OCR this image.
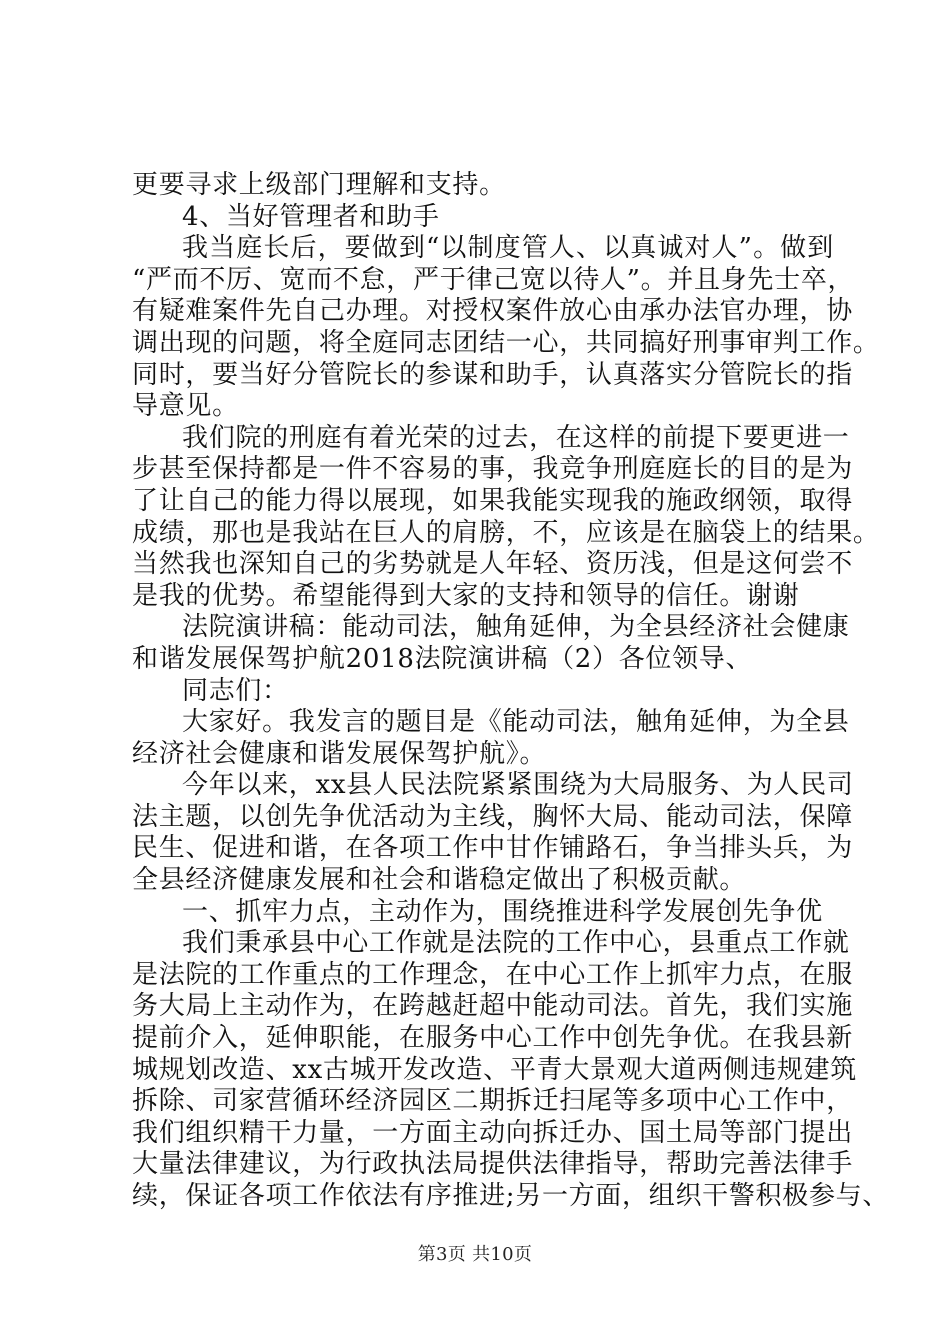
更要寻求上级部门理解和支持。
4、当好管理者和助手
我当庭长后，要做到“以制度管人、以真诚对人”。做到
“严而不厉、宽而不怠，严于律己宽以待人”。并且身先士卒，
有疑难案件先自己办理。对授权案件放心由承办法官办理，协
调出现的问题，将全庭同志团结一心，共同搞好刑事审判工作。
同时，要当好分管院长的参谋和助手，认真落实分管院长的指
导意见。
我们院的刑庭有着光荣的过去，在这样的前提下要更进一
步甚至保持都是一件不容易的事，我竞争刑庭庭长的目的是为
了让自己的能力得以展现，如果我能实现我的施政纲领，取得
成绩，那也是我站在巨人的肩膀，不，应该是在脑袋上的结果。
当然我也深知自己的劣势就是人年轻、资历浅，但是这何尝不
是我的优势。希望能得到大家的支持和领导的信任。谢谢
法院演讲稿：能动司法，触角延伸，为全县经济社会健康
和谐发展保驾护航2018法院演讲稿（2）各位领导、
同志们：
大家好。我发言的题目是《能动司法，触角延伸，为全县
经济社会健康和谐发展保驾护航》。
今年以来，xx县人民法院紧紧围绕为大局服务、为人民司
法主题，以创先争优活动为主线，胸怀大局、能动司法，保障
民生、促进和谐，在各项工作中甘作铺路石，争当排头兵，为
全县经济健康发展和社会和谐稳定做出了积极贡献。
一、抓牢力点，主动作为，围绕推进科学发展创先争优
我们秉承县中心工作就是法院的工作中心，县重点工作就
是法院的工作重点的工作理念，在中心工作上抓牢力点，在服
务大局上主动作为，在跨越赶超中能动司法。首先，我们实施
提前介入，延伸职能，在服务中心工作中创先争优。在我县新
城规划改造、xx古城开发改造、平青大景观大道两侧违规建筑
拆除、司家营循环经济园区二期拆迁扫尾等多项中心工作中，
我们组织精干力量，一方面主动向拆迁办、国土局等部门提出
大量法律建议，为行政执法局提供法律指导，帮助完善法律手
续，保证各项工作依法有序推进;另一方面，组织干警积极参与、
第3页 共10页
